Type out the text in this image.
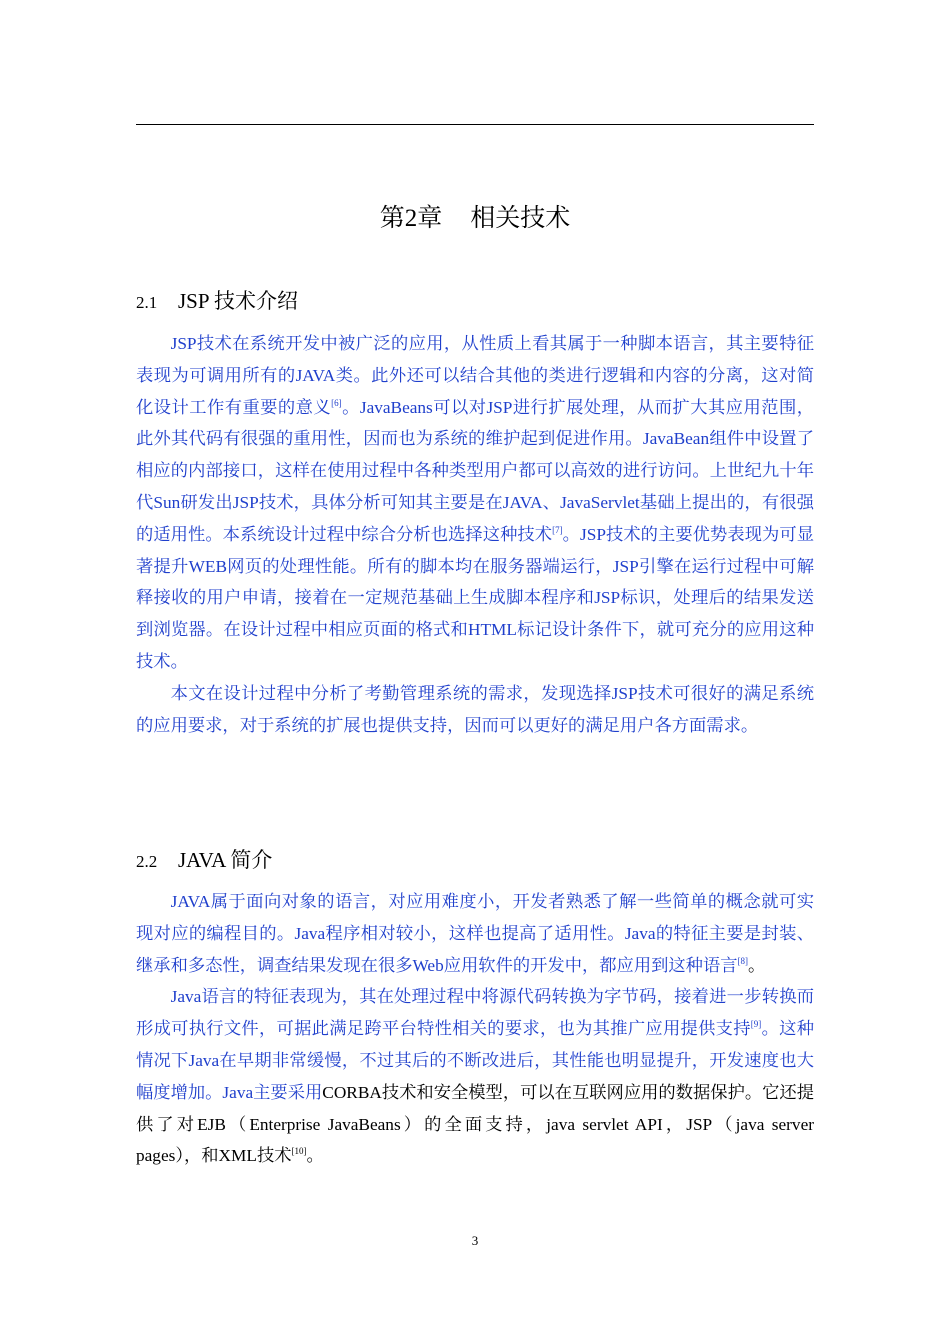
第2章 相关技术
2.1 JSP 技术介绍

JSP技术在系统开发中被广泛的应用，从性质上看其属于一种脚本语言，其主要特征表现为可调用所有的JAVA类。此外还可以结合其他的类进行逻辑和内容的分离，这对简化设计工作有重要的意义[6]。JavaBeans可以对JSP进行扩展处理，从而扩大其应用范围，此外其代码有很强的重用性，因而也为系统的维护起到促进作用。JavaBean组件中设置了相应的内部接口，这样在使用过程中各种类型用户都可以高效的进行访问。上世纪九十年代Sun研发出JSP技术，具体分析可知其主要是在JAVA、JavaServlet基础上提出的，有很强的适用性。本系统设计过程中综合分析也选择这种技术[7]。JSP技术的主要优势表现为可显著提升WEB网页的处理性能。所有的脚本均在服务器端运行，JSP引擎在运行过程中可解释接收的用户申请，接着在一定规范基础上生成脚本程序和JSP标识，处理后的结果发送到浏览器。在设计过程中相应页面的格式和HTML标记设计条件下，就可充分的应用这种技术。

本文在设计过程中分析了考勤管理系统的需求，发现选择JSP技术可很好的满足系统的应用要求，对于系统的扩展也提供支持，因而可以更好的满足用户各方面需求。

2.2 JAVA 简介

JAVA属于面向对象的语言，对应用难度小，开发者熟悉了解一些简单的概念就可实现对应的编程目的。Java程序相对较小，这样也提高了适用性。Java的特征主要是封装、继承和多态性，调查结果发现在很多Web应用软件的开发中，都应用到这种语言[8]。

Java语言的特征表现为，其在处理过程中将源代码转换为字节码，接着进一步转换而形成可执行文件，可据此满足跨平台特性相关的要求，也为其推广应用提供支持[9]。这种情况下Java在早期非常缓慢，不过其后的不断改进后，其性能也明显提升，开发速度也大幅度增加。Java主要采用CORBA技术和安全模型，可以在互联网应用的数据保护。它还提供了对EJB（Enterprise JavaBeans）的全面支持，java servlet API，JSP（java server pages），和XML技术[10]。

3
